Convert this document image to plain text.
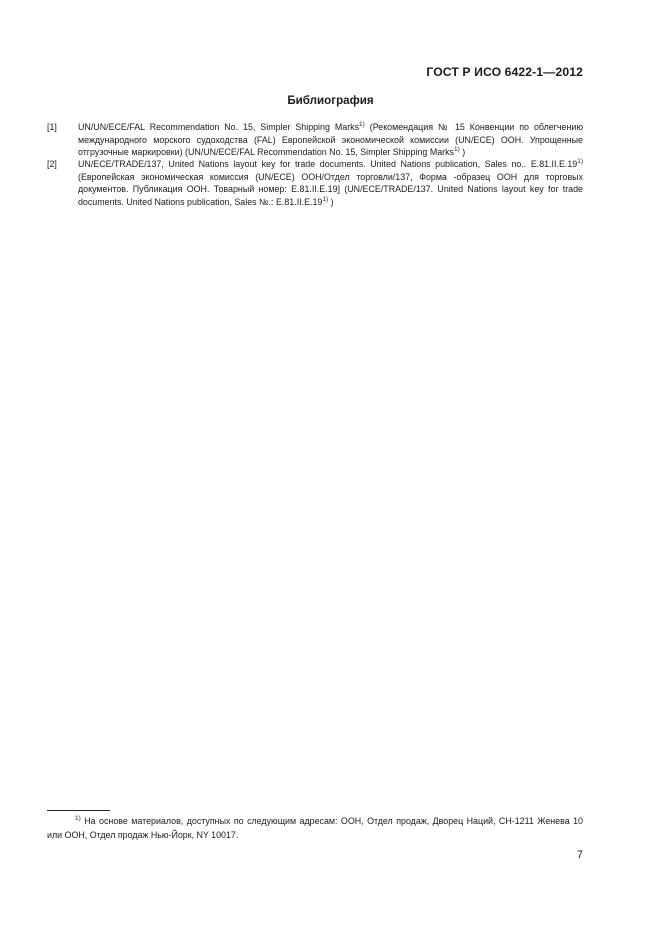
ГОСТ Р ИСО 6422-1—2012
Библиография
[1] UN/UN/ECE/FAL Recommendation No. 15, Simpler Shipping Marks$^{1)}$ (Рекомендация № 15 Конвенции по облегчению международного морского судоходства (FAL) Европейской экономической комиссии (UN/ECE) ООН. Упрощенные отгрузочные маркировки) (UN/UN/ECE/FAL Recommendation No. 15, Simpler Shipping Marks$^{1)}$ )
[2] UN/ECE/TRADE/137, United Nations layout key for trade documents. United Nations publication, Sales no.. E.81.II.E.19$^{1)}$ (Европейская экономическая комиссия (UN/ECE) ООН/Отдел торговли/137, Форма -образец ООН для торговых документов. Публикация ООН. Товарный номер: E.81.II.E.19] (UN/ECE/TRADE/137. United Nations layout key for trade documents. United Nations publication, Sales №.: E.81.II.E.19$^{1)}$ )
$^{1)}$ На основе материалов, доступных по следующим адресам: ООН, Отдел продаж, Дворец Наций, CH-1211 Женева 10 или ООН, Отдел продаж Нью-Йорк, NY 10017.
7
